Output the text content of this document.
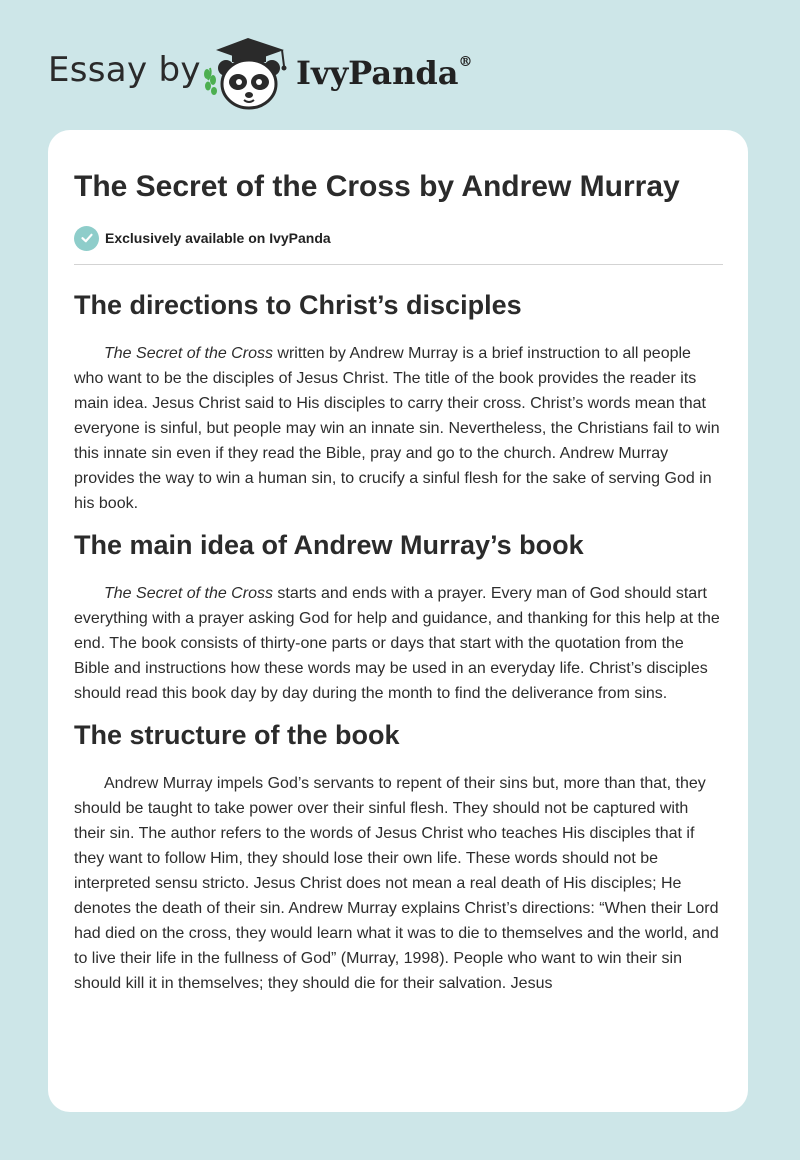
Essay by	IvyPanda®
The Secret of the Cross by Andrew Murray
Exclusively available on IvyPanda
The directions to Christ’s disciples

The Secret of the Cross written by Andrew Murray is a brief instruction to all people who want to be the disciples of Jesus Christ. The title of the book provides the reader its main idea. Jesus Christ said to His disciples to carry their cross. Christ’s words mean that everyone is sinful, but people may win an innate sin. Nevertheless, the Christians fail to win this innate sin even if they read the Bible, pray and go to the church. Andrew Murray provides the way to win a human sin, to crucify a sinful flesh for the sake of serving God in his book.

The main idea of Andrew Murray’s book

The Secret of the Cross starts and ends with a prayer. Every man of God should start everything with a prayer asking God for help and guidance, and thanking for this help at the end. The book consists of thirty-one parts or days that start with the quotation from the Bible and instructions how these words may be used in an everyday life. Christ’s disciples should read this book day by day during the month to find the deliverance from sins.

The structure of the book

Andrew Murray impels God’s servants to repent of their sins but, more than that, they should be taught to take power over their sinful flesh. They should not be captured with their sin. The author refers to the words of Jesus Christ who teaches His disciples that if they want to follow Him, they should lose their own life. These words should not be interpreted sensu stricto. Jesus Christ does not mean a real death of His disciples; He denotes the death of their sin. Andrew Murray explains Christ’s directions: “When their Lord had died on the cross, they would learn what it was to die to themselves and the world, and to live their life in the fullness of God” (Murray, 1998). People who want to win their sin should kill it in themselves; they should die for their salvation. Jesus
